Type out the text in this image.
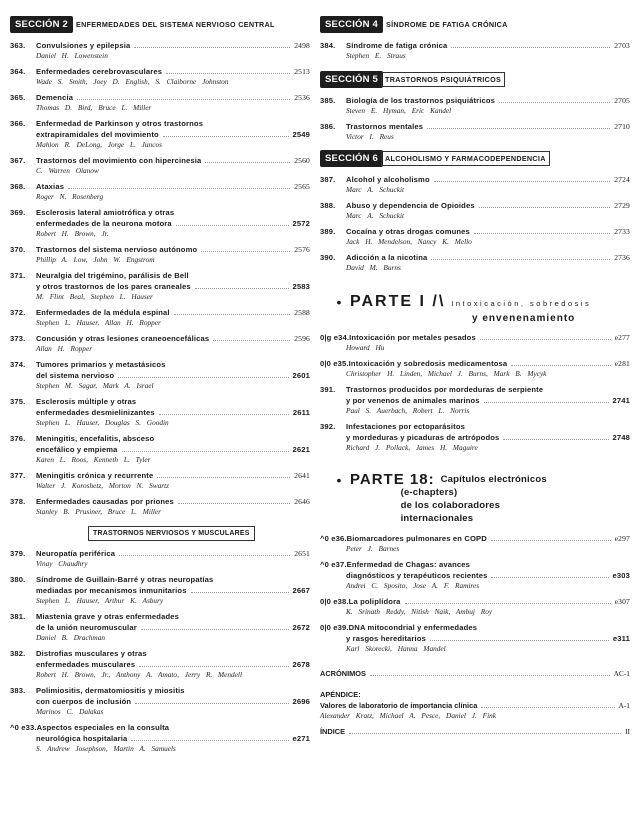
SECCIÓN 2	ENFERMEDADES DEL SISTEMA NERVIOSO CENTRAL
363.	Convulsiones y epilepsia	2498
Daniel H. Lowenstein
364.	Enfermedades cerebrovasculares	2513
Wade S. Smith, Joey D. English, S. Claiborne Johnston
365.	Demencia	2536
Thomas D. Bird, Bruce L. Miller
366.	Enfermedad de Parkinson y otros trastornos
extrapiramidales del movimiento	2549
Mahlon R. DeLong, Jorge L. Juncos
367.	Trastornos del movimiento con hipercinesia	2560
C. Warren Olanow
368.	Ataxias	2565
Roger N. Rosenberg
369.	Esclerosis lateral amiotrófica y otras
enfermedades de la neurona motora	2572
Robert H. Brown, Jr.
370.	Trastornos del sistema nervioso autónomo	2576
Phillip A. Low, John W. Engstrom
371.	Neuralgia del trigémino, parálisis de Bell
y otros trastornos de los pares craneales	2583
M. Flint Beal, Stephen L. Hauser
372.	Enfermedades de la médula espinal	2588
Stephen L. Hauser, Allan H. Ropper
373.	Concusión y otras lesiones craneoencefálicas	2596
Allan H. Ropper
374.	Tumores primarios y metastásicos
del sistema nervioso	2601
Stephen M. Sagar, Mark A. Israel
375.	Esclerosis múltiple y otras
enfermedades desmielinizantes	2611
Stephen L. Hauser, Douglas S. Goodin
376.	Meningitis, encefalitis, absceso
encefálico y empiema	2621
Karen L. Roos, Kenneth L. Tyler
377.	Meningitis crónica y recurrente	2641
Walter J. Koroshetz, Morton N. Swartz
378.	Enfermedades causadas por priones	2646
Stanley B. Prusiner, Bruce L. Miller
TRASTORNOS NERVIOSOS Y MUSCULARES
379.	Neuropatía periférica	2651
Vinay Chaudhry
380.	Síndrome de Guillain-Barré y otras neuropatías
mediadas por mecanismos inmunitarios	2667
Stephen L. Hauser, Arthur K. Asbury
381.	Miastenia grave y otras enfermedades
de la unión neuromuscular	2672
Daniel B. Drachman
382.	Distrofias musculares y otras
enfermedades musculares	2678
Robert H. Brown, Jr., Anthony A. Amato, Jerry R. Mendell
383.	Polimiositis, dermatomiositis y miositis
con cuerpos de inclusión	2696
Marinos C. Dalakas
^0 e33. Aspectos especiales en la consulta
neurológica hospitalaria	e271
S. Andrew Josephson, Martin A. Samuels
SECCIÓN 4	SÍNDROME DE FATIGA CRÓNICA
384.	Síndrome de fatiga crónica	2703
Stephen E. Straus
SECCIÓN 5 TRASTORNOS PSIQUIÁTRICOS
385.	Biología de los trastornos psiquiátricos	2705
Steven E. Hyman, Eric Kandel
386.	Trastornos mentales	2710
Victor I. Reus
SECCIÓN 6 ALCOHOLISMO Y FARMACODEPENDENCIA
387.	Alcohol y alcoholismo	2724
Marc A. Schuckit
388.	Abuso y dependencia de Opioides	2729
Marc A. Schuckit
389.	Cocaína y otras drogas comunes	2733
Jack H. Mendelson, Nancy K. Mello
390.	Adicción a la nicotina	2736
David M. Burns
• PARTE I /\ Intoxicación, sobredosis
y envenenamiento
0|g e34. Intoxicación por metales pesados	e277
Howard Hu
0|0 e35. Intoxicación y sobredosis medicamentosa	e281
Christopher H. Linden, Michael J. Burns, Mark B. Mycyk
391.	Trastornos producidos por mordeduras de serpiente
y por venenos de animales marinos	2741
Paul S. Auerbach, Robert L. Norris
392.	Infestaciones por ectoparásitos
y mordeduras y picaduras de artrópodos	2748
Richard J. Pollack, James H. Maguire
• PARTE 18: Capítulos electrónicos
(e-chapters)
de los colaboradores
internacionales
^0 e36. Biomarcadores pulmonares en COPD	e297
Peter J. Barnes
^0 e37. Enfermedad de Chagas: avances
diagnósticos y terapéuticos recientes	e303
Andrei C. Sposito, Jose A. F. Ramires
0|0 e38. La poliplídora	e307
K. Srinath Reddy, Nitish Naik, Ambuj Roy
0|0 e39. DNA mitocondrial y enfermedades
y rasgos hereditarios	e311
Karl Skorecki, Hanna Mandel
ACRÓNIMOS	AC-1
APÉNDICE:
Valores de laboratorio de importancia clínica	A-1
Alexander Kratz, Michael A. Pesce, Daniel J. Fink
ÍNDICE	II
